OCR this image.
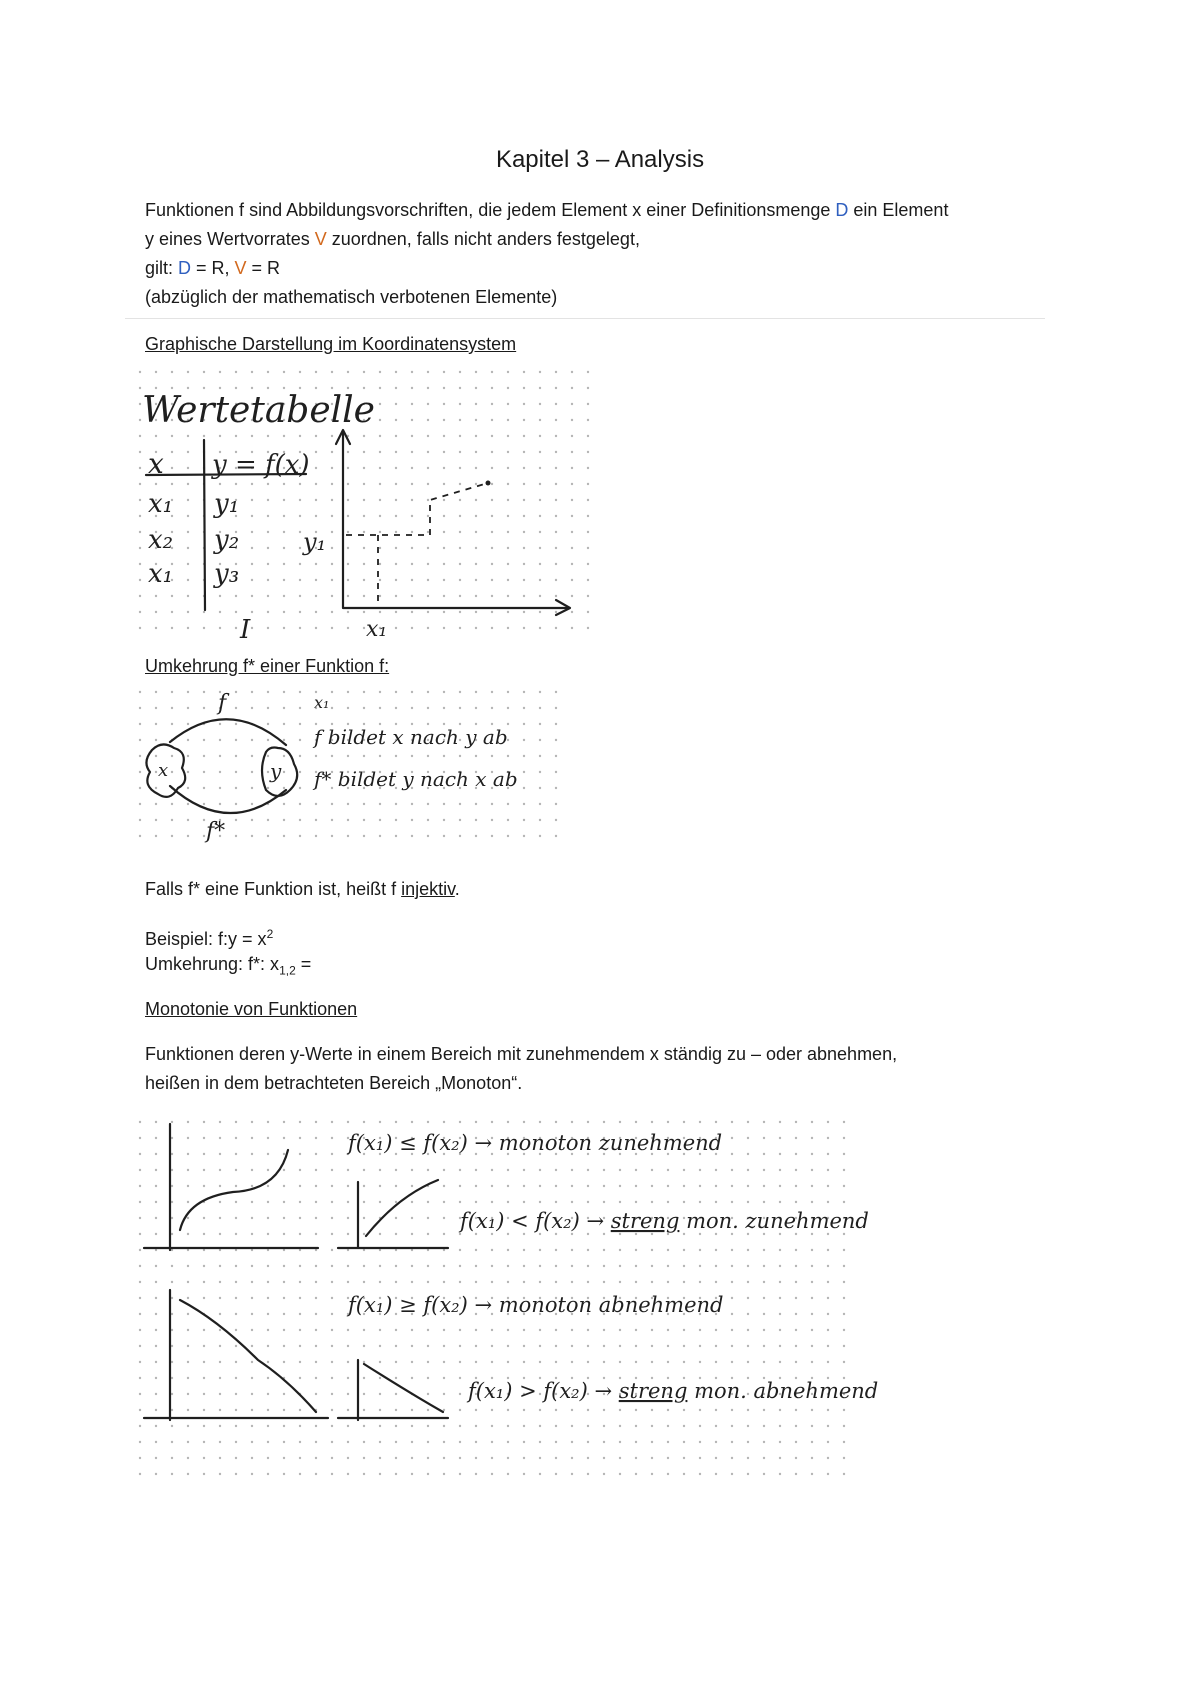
Kapitel 3 – Analysis

Funktionen f sind Abbildungsvorschriften, die jedem Element x einer Definitionsmenge D ein Element

y eines Wertvorrates V zuordnen, falls nicht anders festgelegt,

gilt: D = R, V = R

(abzüglich der mathematisch verbotenen Elemente)

Graphische Darstellung im Koordinatensystem

Wertetabelle
x y = f(x)
x₁
x₂
x₁
y₁
y₂
y₃
I
y₁
x₁

Umkehrung f* einer Funktion f:

x	y
f
f*
x₁
f bildet x nach y ab
f* bildet y nach x ab

Falls f* eine Funktion ist, heißt f injektiv.

Beispiel: f:y = $x^2$

Umkehrung: f*: $x_{1,2}$ =

Monotonie von Funktionen

Funktionen deren y-Werte in einem Bereich mit zunehmendem x ständig zu – oder abnehmen,

heißen in dem betrachteten Bereich „Monoton“.

f(x₁) ≤ f(x₂) → monoton zunehmend
f(x₁) < f(x₂) → streng mon. zunehmend
f(x₁) ≥ f(x₂) → monoton abnehmend
f(x₁) > f(x₂) → streng mon. abnehmend
